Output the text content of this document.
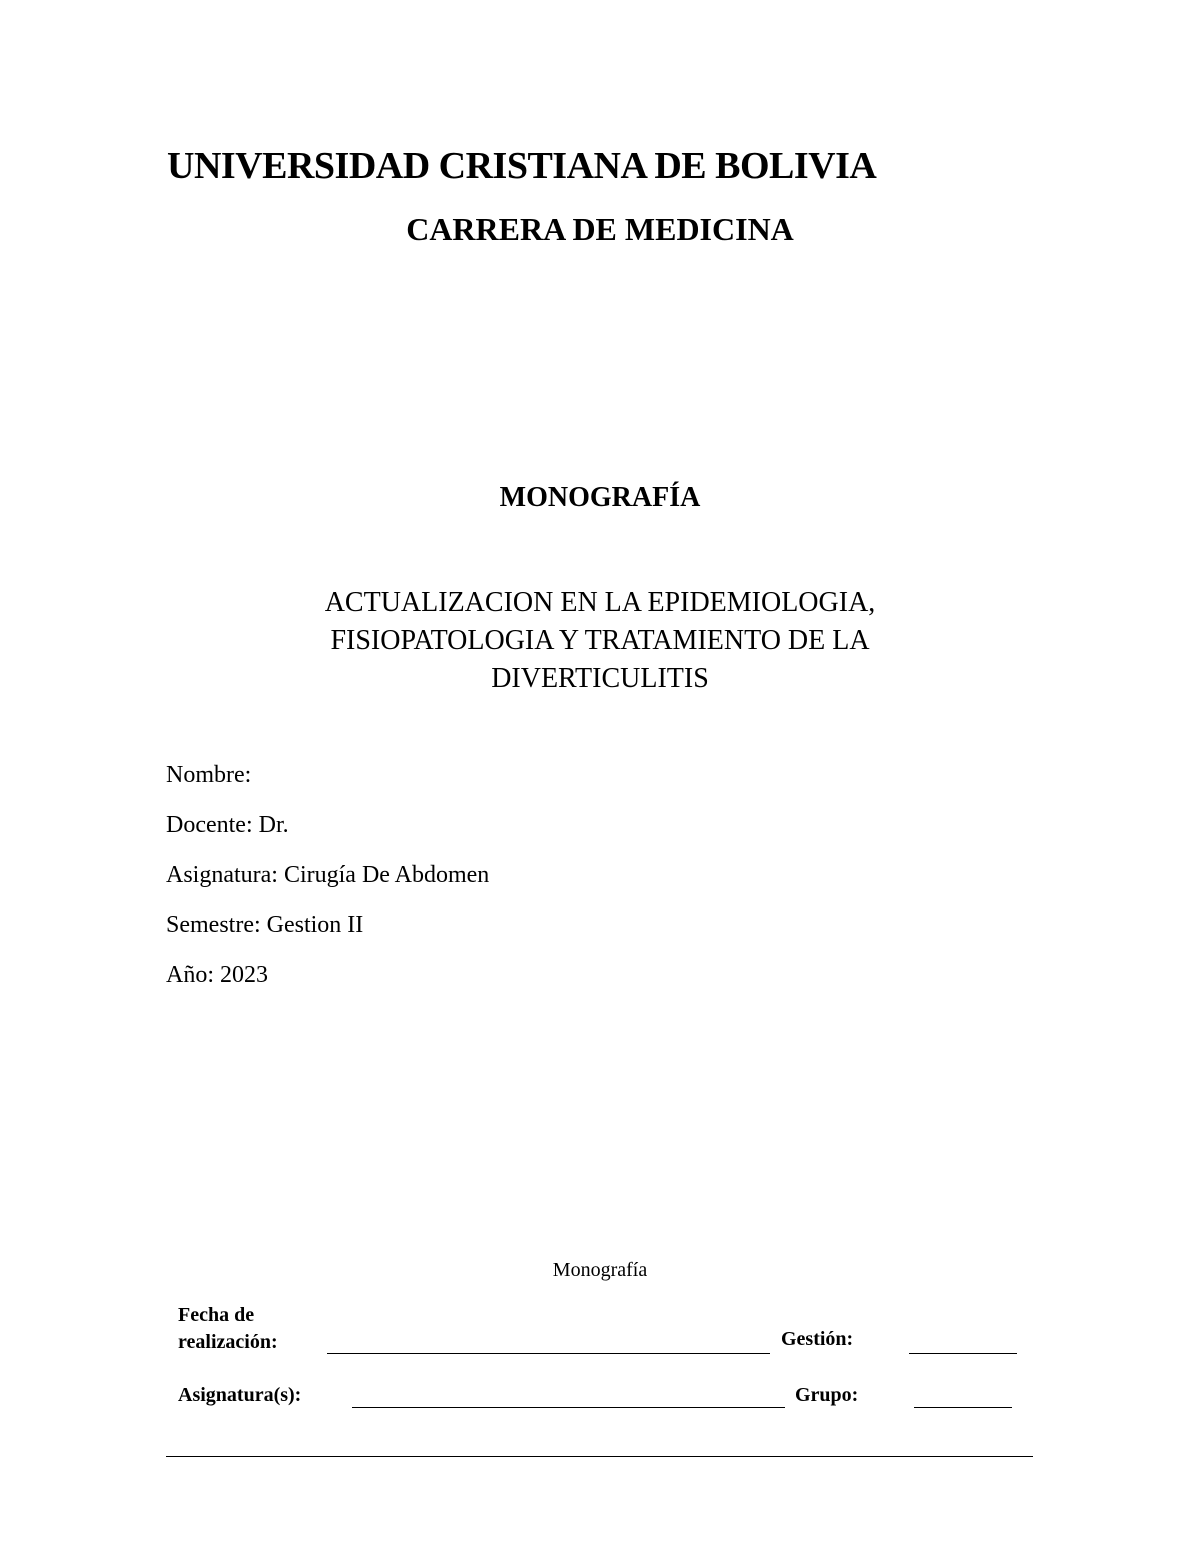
UNIVERSIDAD CRISTIANA DE BOLIVIA
CARRERA DE MEDICINA
MONOGRAFÍA
ACTUALIZACION EN LA EPIDEMIOLOGIA,
FISIOPATOLOGIA Y TRATAMIENTO DE LA
DIVERTICULITIS
Nombre:
Docente: Dr.
Asignatura: Cirugía De Abdomen
Semestre: Gestion II
Año: 2023
Monografía
Fecha de
realización:	Gestión:
Asignatura(s):	Grupo:
